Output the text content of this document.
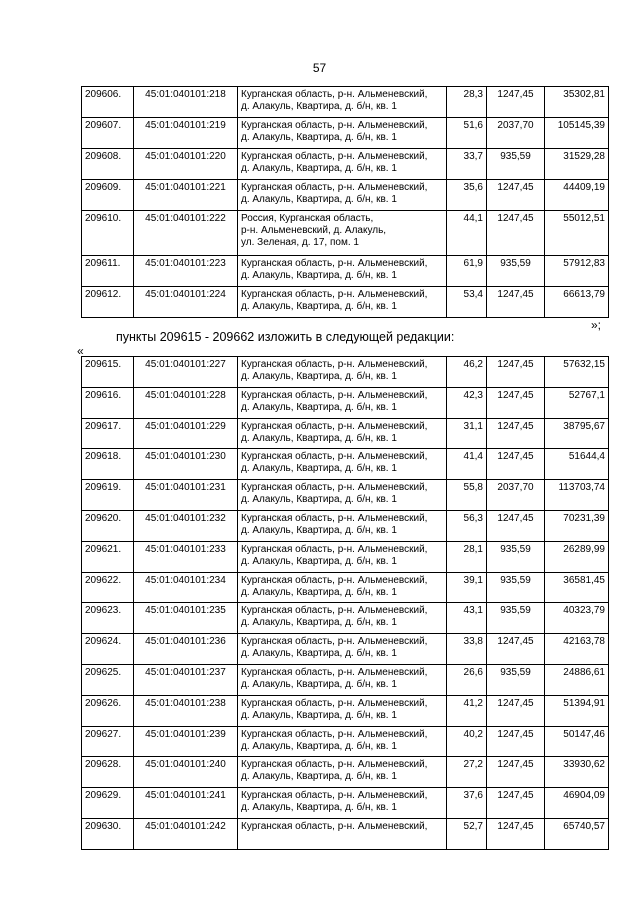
57
209606.	45:01:040101:218	Курганская область, р-н. Альменевский,
д. Алакуль, Квартира, д. б/н, кв. 1	28,3	1247,45	35302,81
209607.	45:01:040101:219	Курганская область, р-н. Альменевский,
д. Алакуль, Квартира, д. б/н, кв. 1	51,6	2037,70	105145,39
209608.	45:01:040101:220	Курганская область, р-н. Альменевский,
д. Алакуль, Квартира, д. б/н, кв. 1	33,7	935,59	31529,28
209609.	45:01:040101:221	Курганская область, р-н. Альменевский,
д. Алакуль, Квартира, д. б/н, кв. 1	35,6	1247,45	44409,19
209610.	45:01:040101:222	Россия, Курганская область,
р-н. Альменевский, д. Алакуль,
ул. Зеленая, д. 17, пом. 1	44,1	1247,45	55012,51
209611.	45:01:040101:223	Курганская область, р-н. Альменевский,
д. Алакуль, Квартира, д. б/н, кв. 1	61,9	935,59	57912,83
209612.	45:01:040101:224	Курганская область, р-н. Альменевский,
д. Алакуль, Квартира, д. б/н, кв. 1	53,4	1247,45	66613,79
»;
пункты 209615 - 209662 изложить в следующей редакции:
«
209615.	45:01:040101:227	Курганская область, р-н. Альменевский,
д. Алакуль, Квартира, д. б/н, кв. 1	46,2	1247,45	57632,15
209616.	45:01:040101:228	Курганская область, р-н. Альменевский,
д. Алакуль, Квартира, д. б/н, кв. 1	42,3	1247,45	52767,1
209617.	45:01:040101:229	Курганская область, р-н. Альменевский,
д. Алакуль, Квартира, д. б/н, кв. 1	31,1	1247,45	38795,67
209618.	45:01:040101:230	Курганская область, р-н. Альменевский,
д. Алакуль, Квартира, д. б/н, кв. 1	41,4	1247,45	51644,4
209619.	45:01:040101:231	Курганская область, р-н. Альменевский,
д. Алакуль, Квартира, д. б/н, кв. 1	55,8	2037,70	113703,74
209620.	45:01:040101:232	Курганская область, р-н. Альменевский,
д. Алакуль, Квартира, д. б/н, кв. 1	56,3	1247,45	70231,39
209621.	45:01:040101:233	Курганская область, р-н. Альменевский,
д. Алакуль, Квартира, д. б/н, кв. 1	28,1	935,59	26289,99
209622.	45:01:040101:234	Курганская область, р-н. Альменевский,
д. Алакуль, Квартира, д. б/н, кв. 1	39,1	935,59	36581,45
209623.	45:01:040101:235	Курганская область, р-н. Альменевский,
д. Алакуль, Квартира, д. б/н, кв. 1	43,1	935,59	40323,79
209624.	45:01:040101:236	Курганская область, р-н. Альменевский,
д. Алакуль, Квартира, д. б/н, кв. 1	33,8	1247,45	42163,78
209625.	45:01:040101:237	Курганская область, р-н. Альменевский,
д. Алакуль, Квартира, д. б/н, кв. 1	26,6	935,59	24886,61
209626.	45:01:040101:238	Курганская область, р-н. Альменевский,
д. Алакуль, Квартира, д. б/н, кв. 1	41,2	1247,45	51394,91
209627.	45:01:040101:239	Курганская область, р-н. Альменевский,
д. Алакуль, Квартира, д. б/н, кв. 1	40,2	1247,45	50147,46
209628.	45:01:040101:240	Курганская область, р-н. Альменевский,
д. Алакуль, Квартира, д. б/н, кв. 1	27,2	1247,45	33930,62
209629.	45:01:040101:241	Курганская область, р-н. Альменевский,
д. Алакуль, Квартира, д. б/н, кв. 1	37,6	1247,45	46904,09
209630.	45:01:040101:242	Курганская область, р-н. Альменевский,	52,7	1247,45	65740,57
